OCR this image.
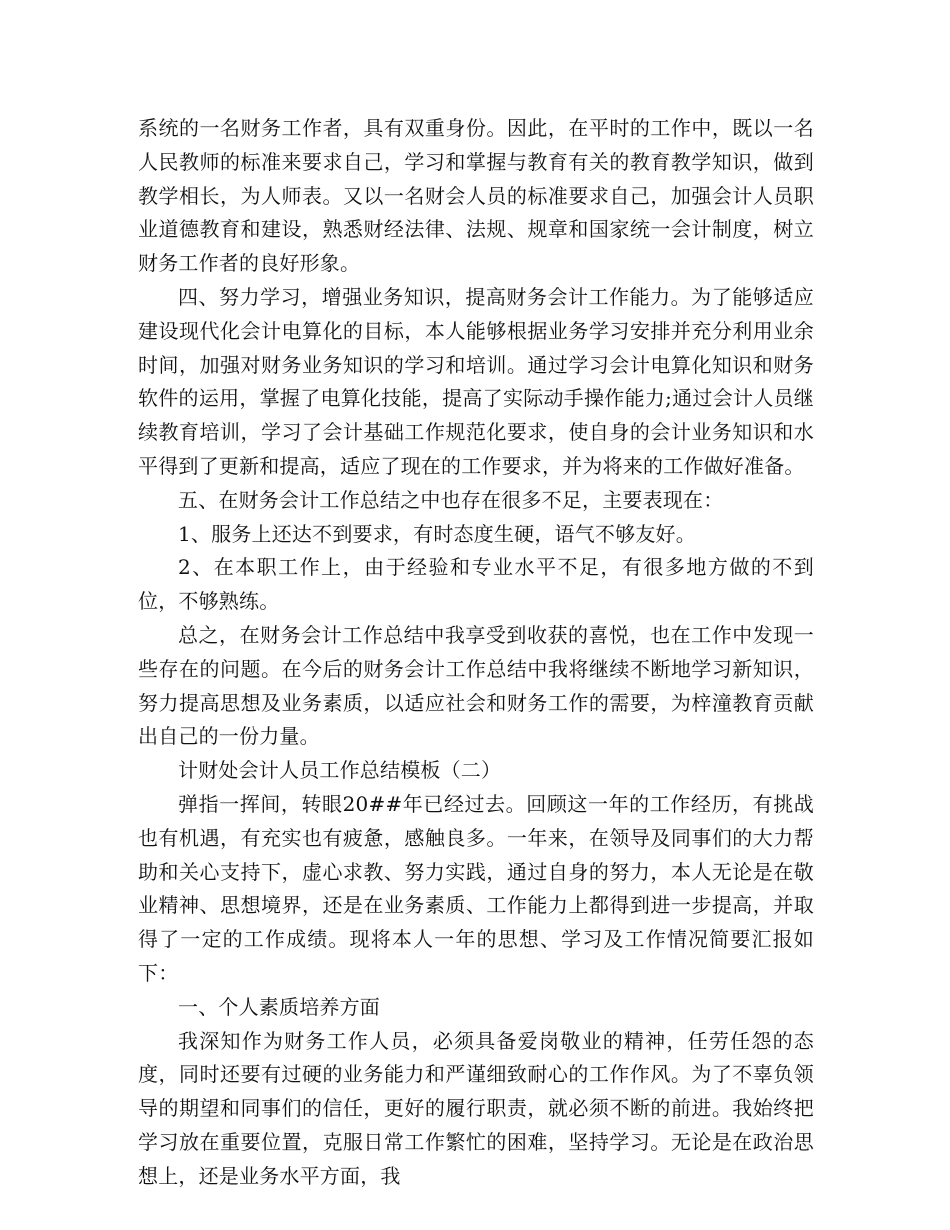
系统的一名财务工作者，具有双重身份。因此，在平时的工作中，既以一名人民教师的标准来要求自己，学习和掌握与教育有关的教育教学知识，做到教学相长，为人师表。又以一名财会人员的标准要求自己，加强会计人员职业道德教育和建设，熟悉财经法律、法规、规章和国家统一会计制度，树立财务工作者的良好形象。

四、努力学习，增强业务知识，提高财务会计工作能力。为了能够适应建设现代化会计电算化的目标，本人能够根据业务学习安排并充分利用业余时间，加强对财务业务知识的学习和培训。通过学习会计电算化知识和财务软件的运用，掌握了电算化技能，提高了实际动手操作能力;通过会计人员继续教育培训，学习了会计基础工作规范化要求，使自身的会计业务知识和水平得到了更新和提高，适应了现在的工作要求，并为将来的工作做好准备。

五、在财务会计工作总结之中也存在很多不足，主要表现在：

1、服务上还达不到要求，有时态度生硬，语气不够友好。

2、在本职工作上，由于经验和专业水平不足，有很多地方做的不到位，不够熟练。

总之，在财务会计工作总结中我享受到收获的喜悦，也在工作中发现一些存在的问题。在今后的财务会计工作总结中我将继续不断地学习新知识，努力提高思想及业务素质，以适应社会和财务工作的需要，为梓潼教育贡献出自己的一份力量。

计财处会计人员工作总结模板（二）

弹指一挥间，转眼20##年已经过去。回顾这一年的工作经历，有挑战也有机遇，有充实也有疲惫，感触良多。一年来，在领导及同事们的大力帮助和关心支持下，虚心求教、努力实践，通过自身的努力，本人无论是在敬业精神、思想境界，还是在业务素质、工作能力上都得到进一步提高，并取得了一定的工作成绩。现将本人一年的思想、学习及工作情况简要汇报如下：

一、个人素质培养方面

我深知作为财务工作人员，必须具备爱岗敬业的精神，任劳任怨的态度，同时还要有过硬的业务能力和严谨细致耐心的工作作风。为了不辜负领导的期望和同事们的信任，更好的履行职责，就必须不断的前进。我始终把学习放在重要位置，克服日常工作繁忙的困难，坚持学习。无论是在政治思想上，还是业务水平方面，我
